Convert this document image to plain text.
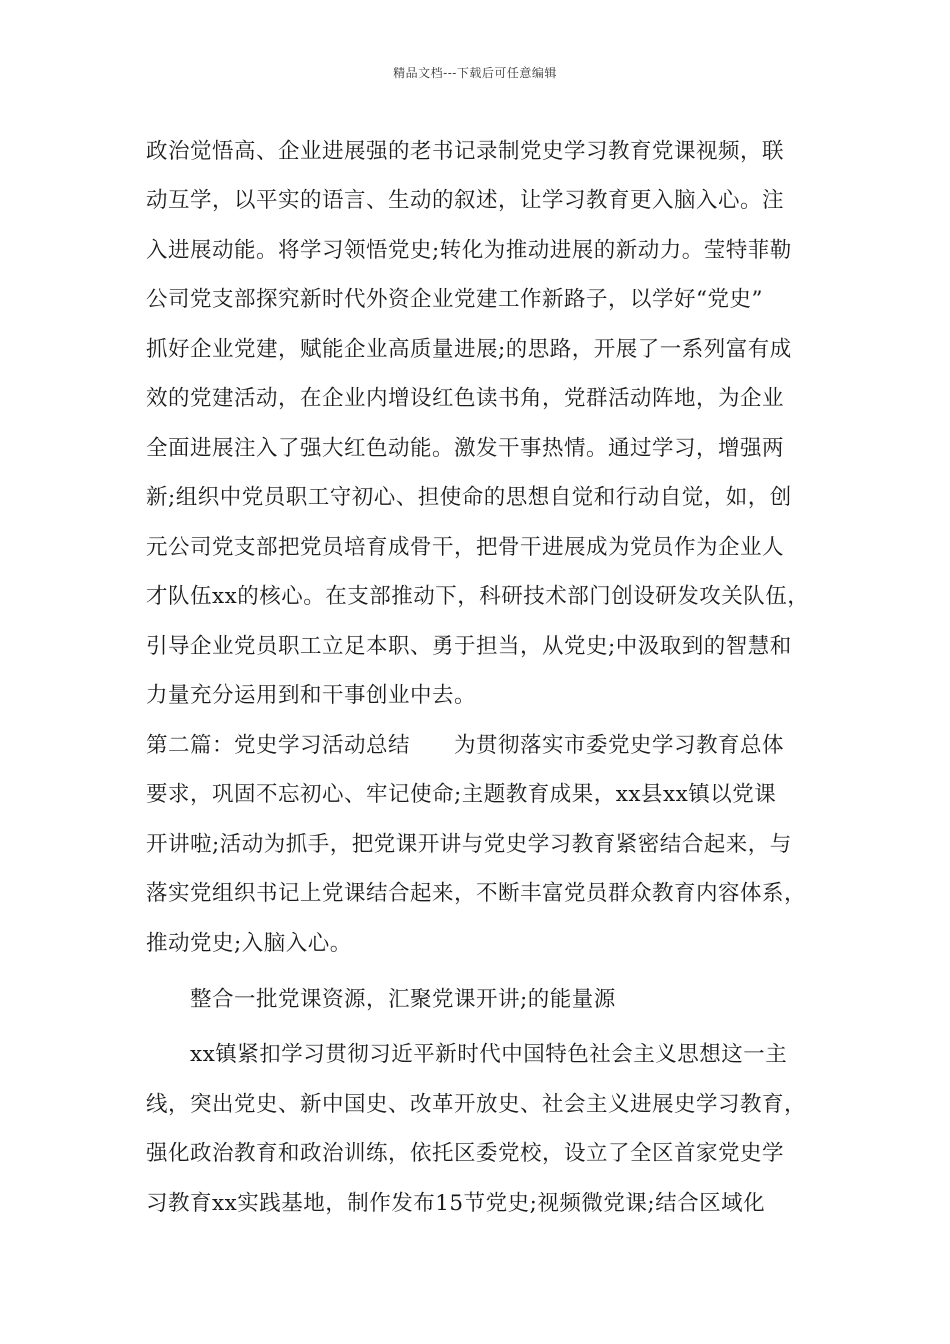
精品文档---下载后可任意编辑
政治觉悟高、企业进展强的老书记录制党史学习教育党课视频，联
动互学，以平实的语言、生动的叙述，让学习教育更入脑入心。注
入进展动能。将学习领悟党史;转化为推动进展的新动力。莹特菲勒
公司党支部探究新时代外资企业党建工作新路子，以学好“党史”
抓好企业党建，赋能企业高质量进展;的思路，开展了一系列富有成
效的党建活动，在企业内增设红色读书角，党群活动阵地，为企业
全面进展注入了强大红色动能。激发干事热情。通过学习，增强两
新;组织中党员职工守初心、担使命的思想自觉和行动自觉，如，创
元公司党支部把党员培育成骨干，把骨干进展成为党员作为企业人
才队伍xx的核心。在支部推动下，科研技术部门创设研发攻关队伍，
引导企业党员职工立足本职、勇于担当，从党史;中汲取到的智慧和
力量充分运用到和干事创业中去。
第二篇：党史学习活动总结　　为贯彻落实市委党史学习教育总体
要求，巩固不忘初心、牢记使命;主题教育成果，xx县xx镇以党课
开讲啦;活动为抓手，把党课开讲与党史学习教育紧密结合起来，与
落实党组织书记上党课结合起来，不断丰富党员群众教育内容体系，
推动党史;入脑入心。
整合一批党课资源，汇聚党课开讲;的能量源
xx镇紧扣学习贯彻习近平新时代中国特色社会主义思想这一主
线，突出党史、新中国史、改革开放史、社会主义进展史学习教育，
强化政治教育和政治训练，依托区委党校，设立了全区首家党史学
习教育xx实践基地，制作发布15节党史;视频微党课;结合区域化
